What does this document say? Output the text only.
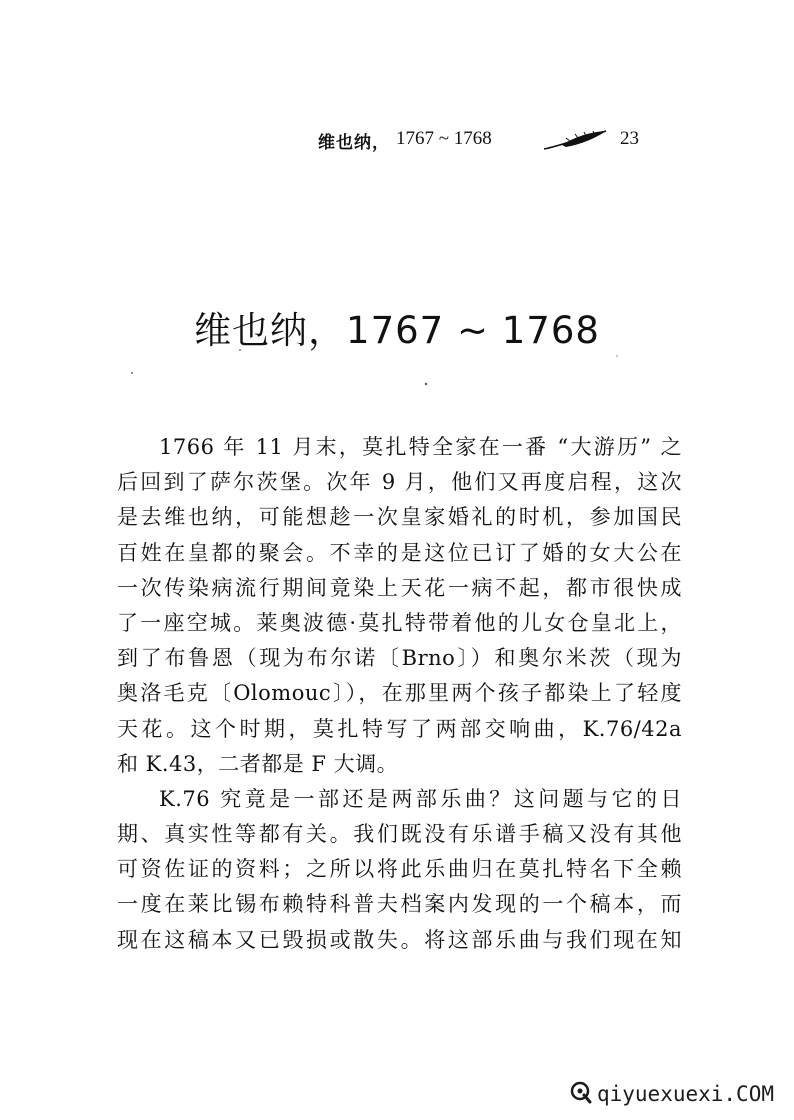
维也纳， 1767 ~ 1768	23
维也纳，1767 ~ 1768
1766 年 11 月末，莫扎特全家在一番 “大游历” 之
后回到了萨尔茨堡。次年 9 月，他们又再度启程，这次
是去维也纳，可能想趁一次皇家婚礼的时机，参加国民
百姓在皇都的聚会。不幸的是这位已订了婚的女大公在
一次传染病流行期间竟染上天花一病不起，都市很快成
了一座空城。莱奥波德·莫扎特带着他的儿女仓皇北上，
到了布鲁恩（现为布尔诺〔Brno〕）和奥尔米茨（现为
奥洛毛克〔Olomouc〕），在那里两个孩子都染上了轻度
天花。这个时期，莫扎特写了两部交响曲，K.76/42a
和 K.43，二者都是 F 大调。
K.76 究竟是一部还是两部乐曲？这问题与它的日
期、真实性等都有关。我们既没有乐谱手稿又没有其他
可资佐证的资料；之所以将此乐曲归在莫扎特名下全赖
一度在莱比锡布赖特科普夫档案内发现的一个稿本，而
现在这稿本又已毁损或散失。将这部乐曲与我们现在知
qiyuexuexi.COM
